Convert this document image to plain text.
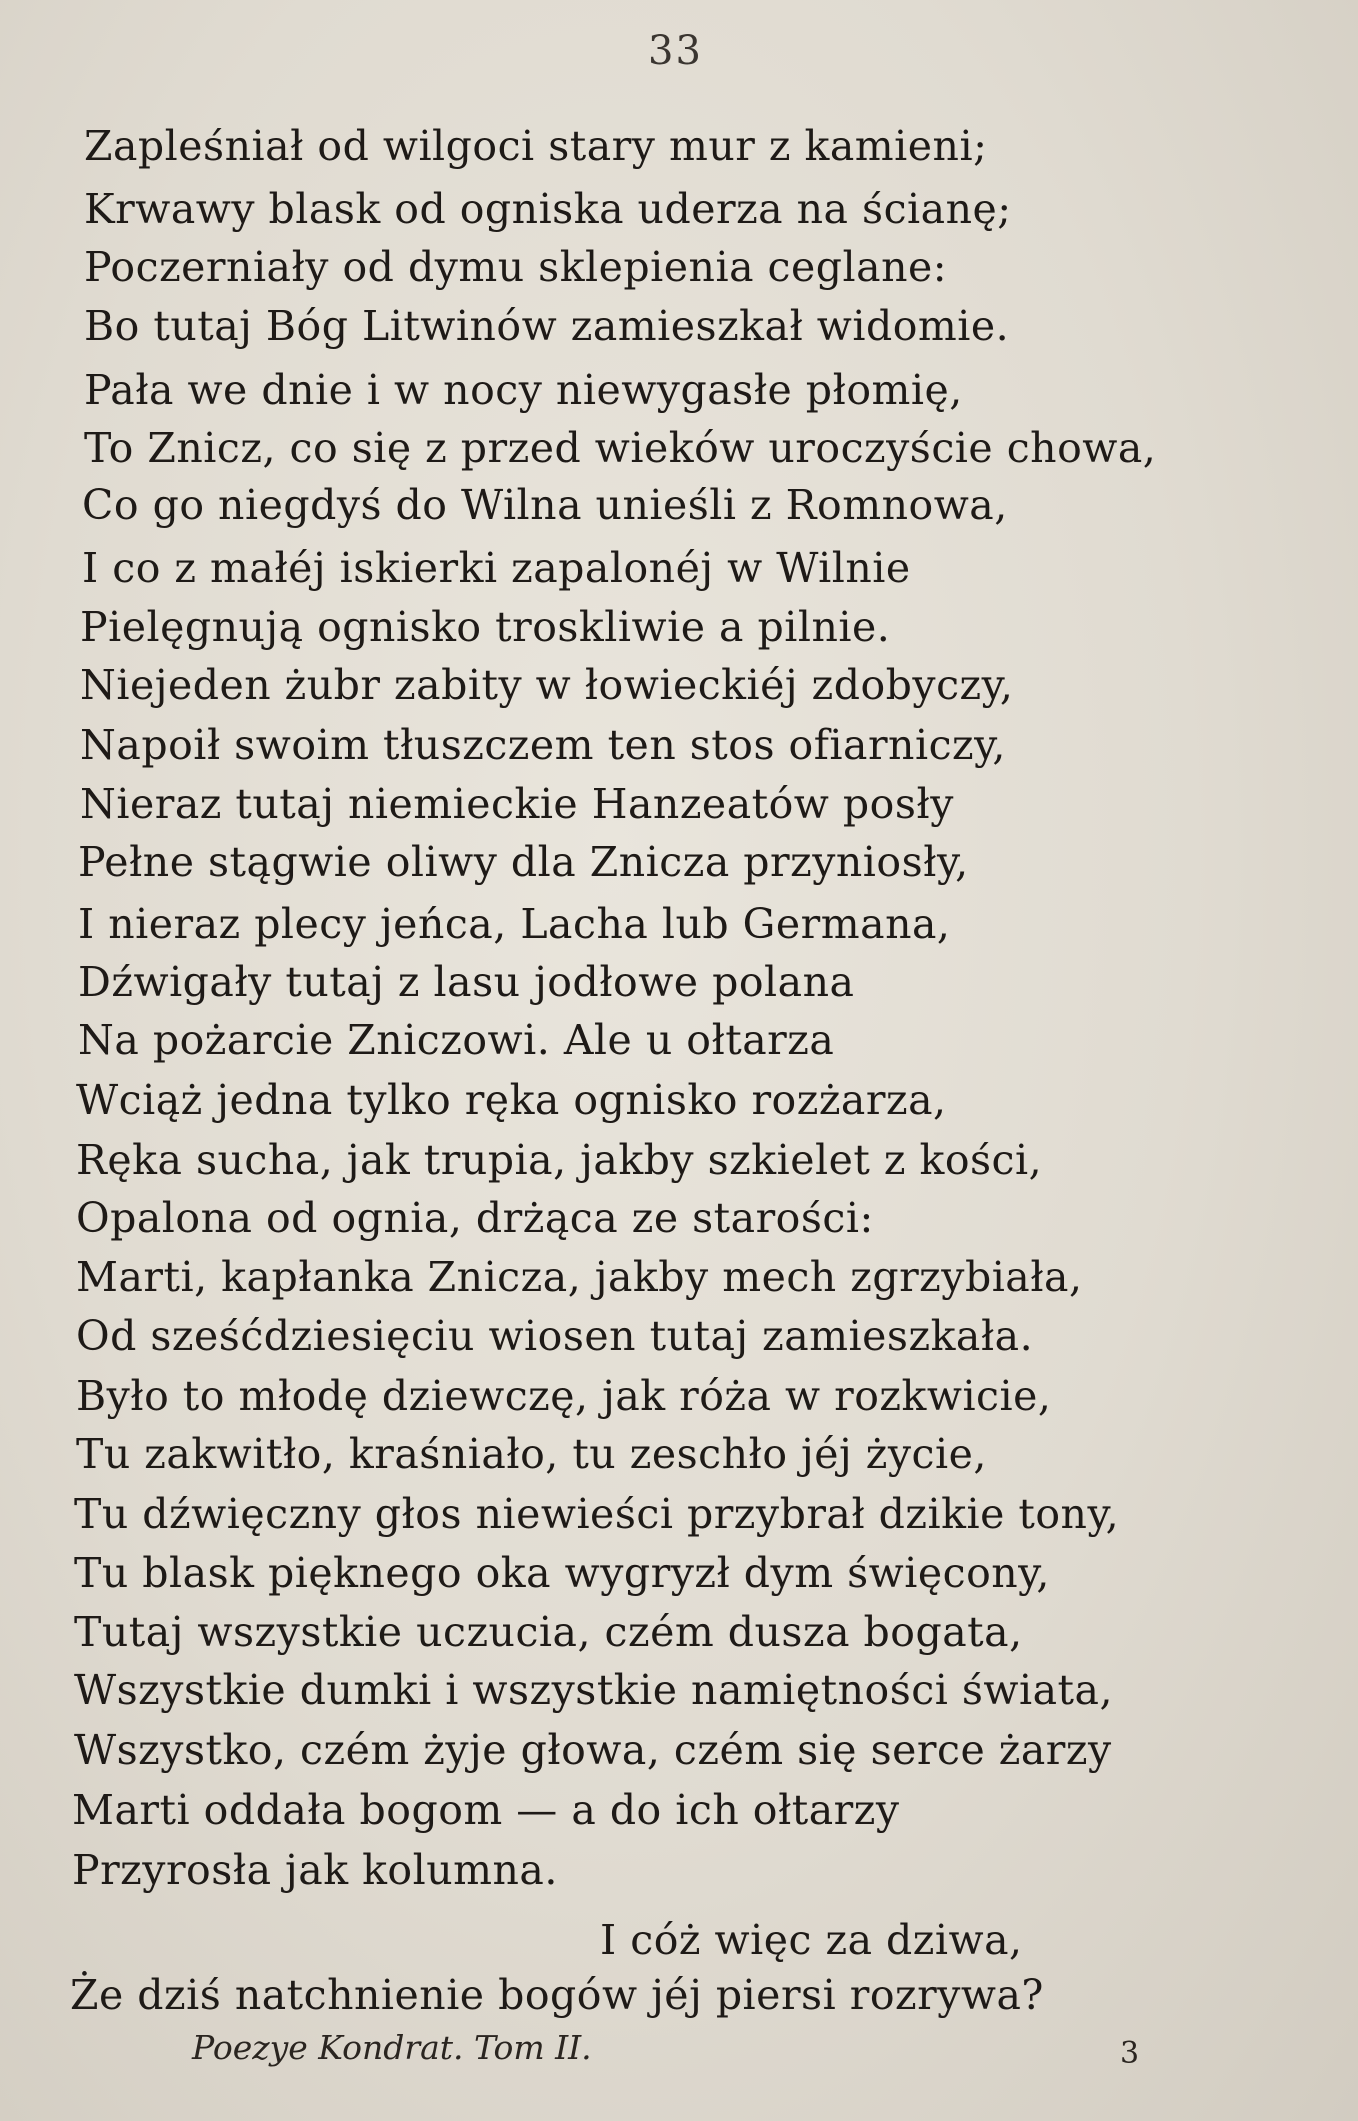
33
Zapleśniał od wilgoci stary mur z kamieni;
Krwawy blask od ogniska uderza na ścianę;
Poczerniały od dymu sklepienia ceglane:
Bo tutaj Bóg Litwinów zamieszkał widomie.
Pała we dnie i w nocy niewygasłe płomię,
To Znicz, co się z przed wieków uroczyście chowa,
Co go niegdyś do Wilna unieśli z Romnowa,
I co z małéj iskierki zapalonéj w Wilnie
Pielęgnują ognisko troskliwie a pilnie.
Niejeden żubr zabity w łowieckiéj zdobyczy,
Napoił swoim tłuszczem ten stos ofiarniczy,
Nieraz tutaj niemieckie Hanzeatów posły
Pełne stągwie oliwy dla Znicza przyniosły,
I nieraz plecy jeńca, Lacha lub Germana,
Dźwigały tutaj z lasu jodłowe polana
Na pożarcie Zniczowi. Ale u ołtarza
Wciąż jedna tylko ręka ognisko rozżarza,
Ręka sucha, jak trupia, jakby szkielet z kości,
Opalona od ognia, drżąca ze starości:
Marti, kapłanka Znicza, jakby mech zgrzybiała,
Od sześćdziesięciu wiosen tutaj zamieszkała.
Było to młodę dziewczę, jak róża w rozkwicie,
Tu zakwitło, kraśniało, tu zeschło jéj życie,
Tu dźwięczny głos niewieści przybrał dzikie tony,
Tu blask pięknego oka wygryzł dym święcony,
Tutaj wszystkie uczucia, czém dusza bogata,
Wszystkie dumki i wszystkie namiętności świata,
Wszystko, czém żyje głowa, czém się serce żarzy
Marti oddała bogom — a do ich ołtarzy
Przyrosła jak kolumna.
I cóż więc za dziwa,
Że dziś natchnienie bogów jéj piersi rozrywa?
Poezye Kondrat. Tom II.	3
